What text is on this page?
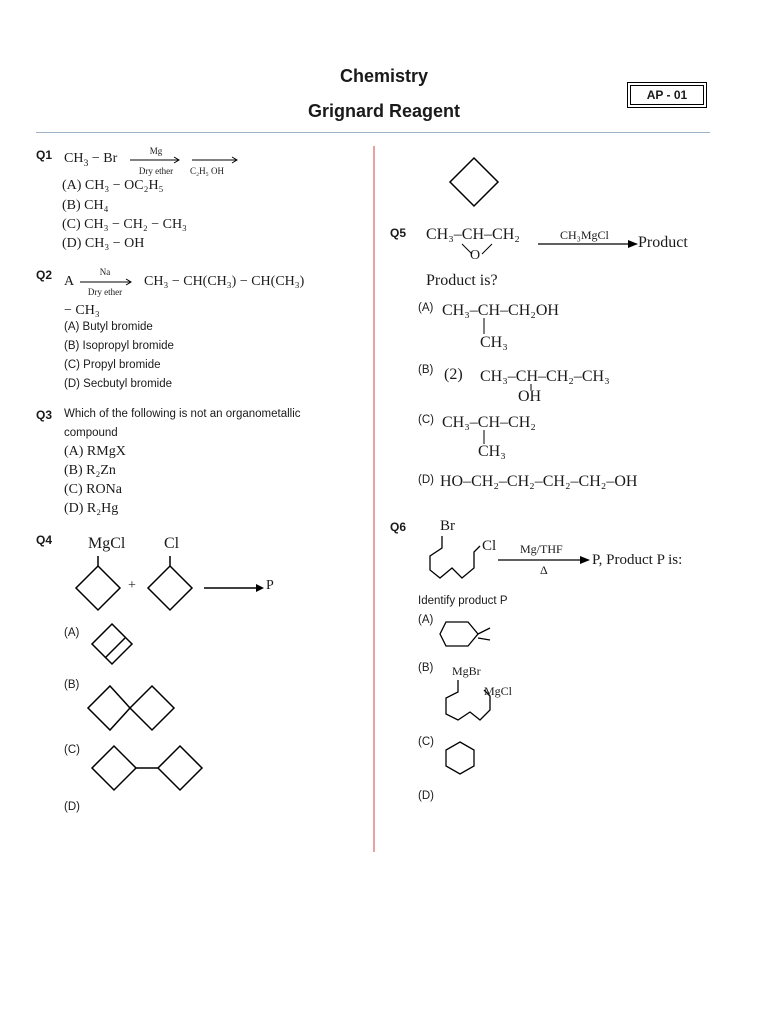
Chemistry
Grignard Reagent
AP - 01
Q1 $CH_3 - Br$	Mg
Dry ether	C₂H₅ OH
(A) CH₃ − OC₂H₅
(B) CH₄
(C) CH₃ − CH₂ − CH₃
(D) CH₃ − OH
Q2 A
Na
Dry ether
CH₃ − CH(CH₃) − CH(CH₃)
− CH₃
(A) Butyl bromide
(B) Isopropyl bromide
(C) Propyl bromide
(D) Secbutyl bromide
Q3 Which of the following is not an organometallic
compound
(A) RMgX
(B) R₂Zn
(C) RONa
(D) R₂Hg
Q4 MgCl Cl
+	P
(A)
(B)
(C)
(D)
Q5 CH₃–CH–CH₂
O
CH₃MgCl Product
Product is?
(A) CH₃–CH–CH₂OH
CH₃
(B) (2) CH₃–CH–CH₂–CH₃
OH
(C) CH₃–CH–CH₂
CH₃
(D) HO–CH₂–CH₂–CH₂–CH₂–OH
Q6 Br
Cl Mg/THF
Δ
P, Product P is:
Identify product P
(A)
(B) MgBr
MgCl
(C)
(D)
